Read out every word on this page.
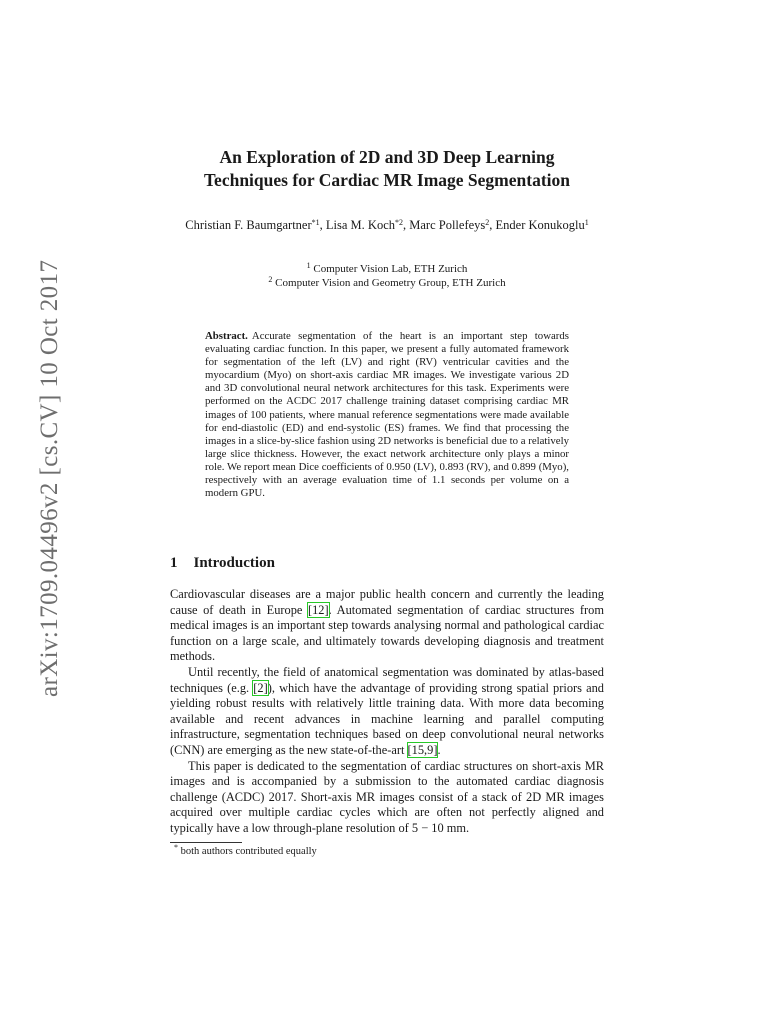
arXiv:1709.04496v2 [cs.CV] 10 Oct 2017
An Exploration of 2D and 3D Deep Learning
Techniques for Cardiac MR Image Segmentation
Christian F. Baumgartner$^{*1}$, Lisa M. Koch$^{*2}$, Marc Pollefeys$^2$, Ender Konukoglu$^1$
$^1$ Computer Vision Lab, ETH Zurich
$^2$ Computer Vision and Geometry Group, ETH Zurich
Abstract. Accurate segmentation of the heart is an important step towards evaluating cardiac function. In this paper, we present a fully automated framework for segmentation of the left (LV) and right (RV) ventricular cavities and the myocardium (Myo) on short-axis cardiac MR images. We investigate various 2D and 3D convolutional neural network architectures for this task. Experiments were performed on the ACDC 2017 challenge training dataset comprising cardiac MR images of 100 patients, where manual reference segmentations were made available for end-diastolic (ED) and end-systolic (ES) frames. We find that processing the images in a slice-by-slice fashion using 2D networks is beneficial due to a relatively large slice thickness. However, the exact network architecture only plays a minor role. We report mean Dice coefficients of 0.950 (LV), 0.893 (RV), and 0.899 (Myo), respectively with an average evaluation time of 1.1 seconds per volume on a modern GPU.
1 Introduction

Cardiovascular diseases are a major public health concern and currently the leading cause of death in Europe [12]. Automated segmentation of cardiac structures from medical images is an important step towards analysing normal and pathological cardiac function on a large scale, and ultimately towards developing diagnosis and treatment methods.

Until recently, the field of anatomical segmentation was dominated by atlas-based techniques (e.g. [2]), which have the advantage of providing strong spatial priors and yielding robust results with relatively little training data. With more data becoming available and recent advances in machine learning and parallel computing infrastructure, segmentation techniques based on deep convolutional neural networks (CNN) are emerging as the new state-of-the-art [15,9].

This paper is dedicated to the segmentation of cardiac structures on short-axis MR images and is accompanied by a submission to the automated cardiac diagnosis challenge (ACDC) 2017. Short-axis MR images consist of a stack of 2D MR images acquired over multiple cardiac cycles which are often not perfectly aligned and typically have a low through-plane resolution of 5 − 10 mm.

* both authors contributed equally
